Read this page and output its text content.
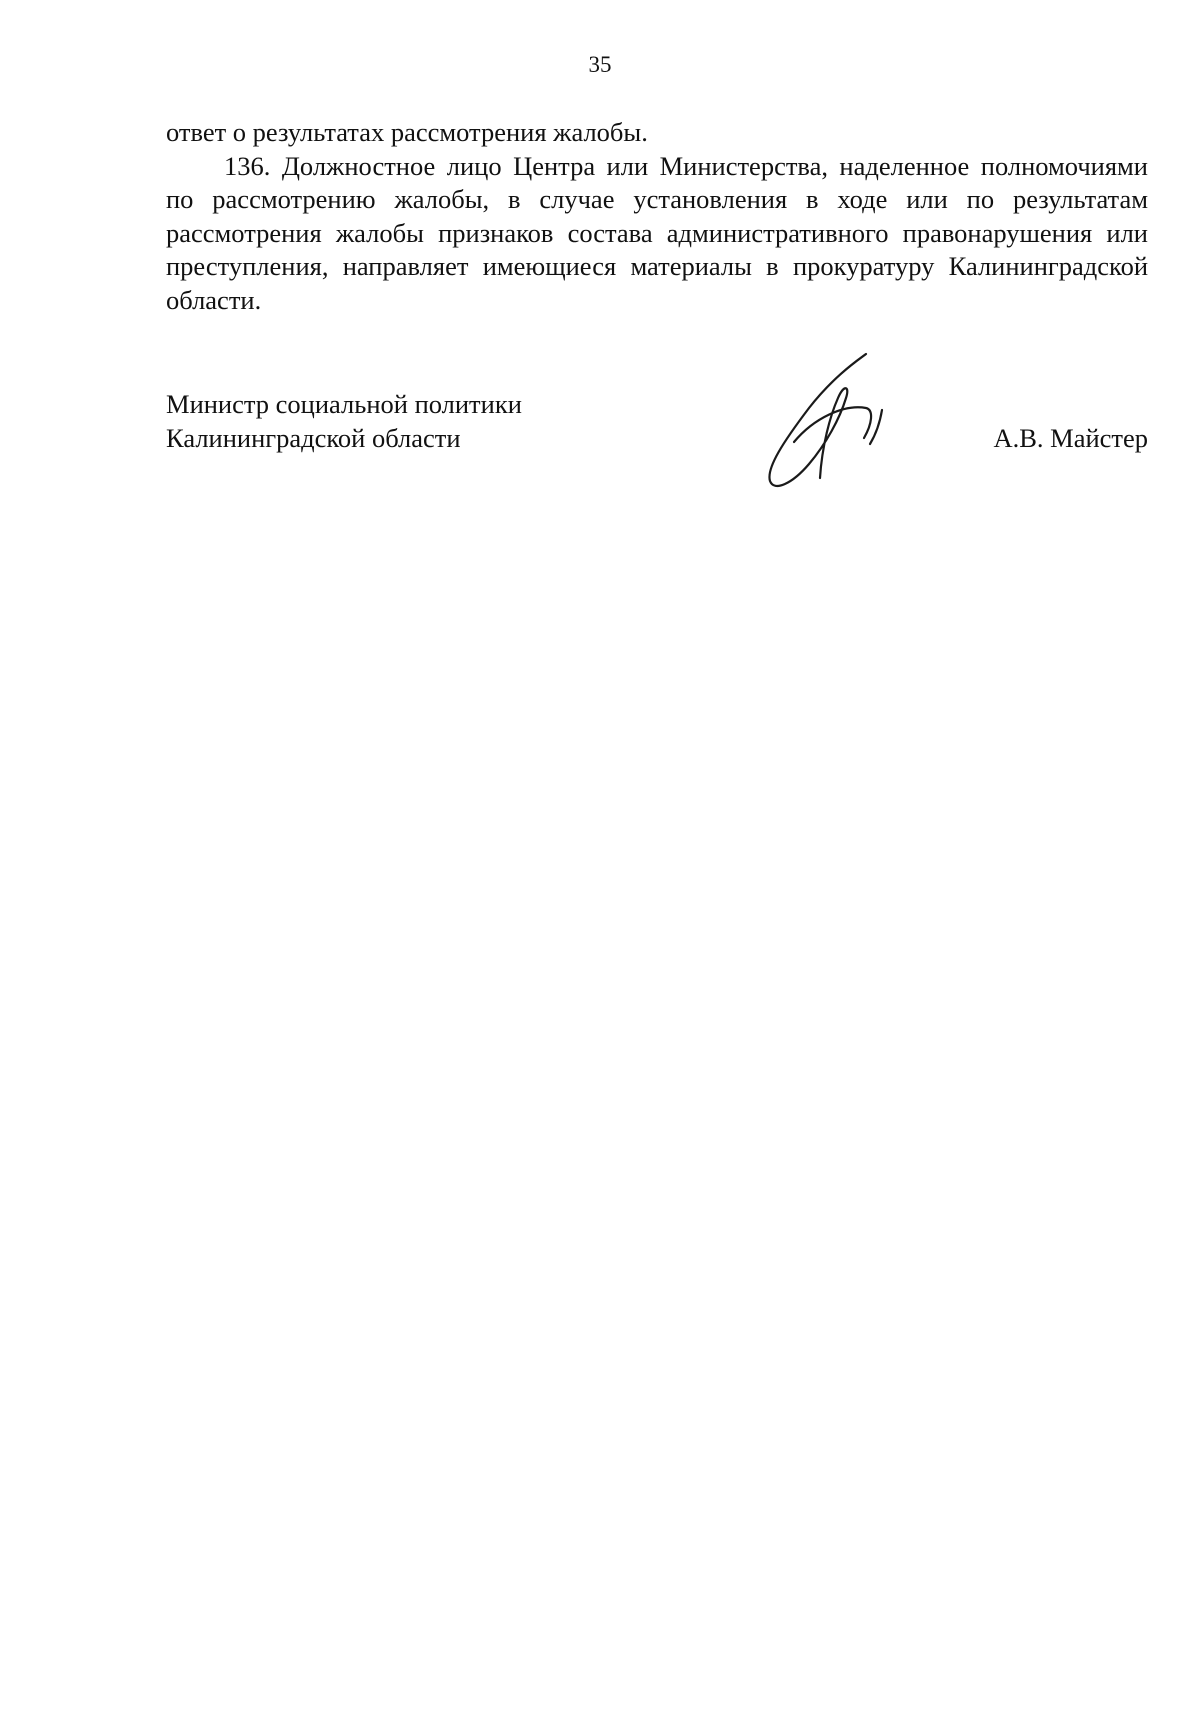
35

ответ о результатах рассмотрения жалобы.

136. Должностное лицо Центра или Министерства, наделенное полномочиями по рассмотрению жалобы, в случае установления в ходе или по результатам рассмотрения жалобы признаков состава административного правонарушения или преступления, направляет имеющиеся материалы в прокуратуру Калининградской области.

Министр социальной политики
Калининградской области	А.В. Майстер
